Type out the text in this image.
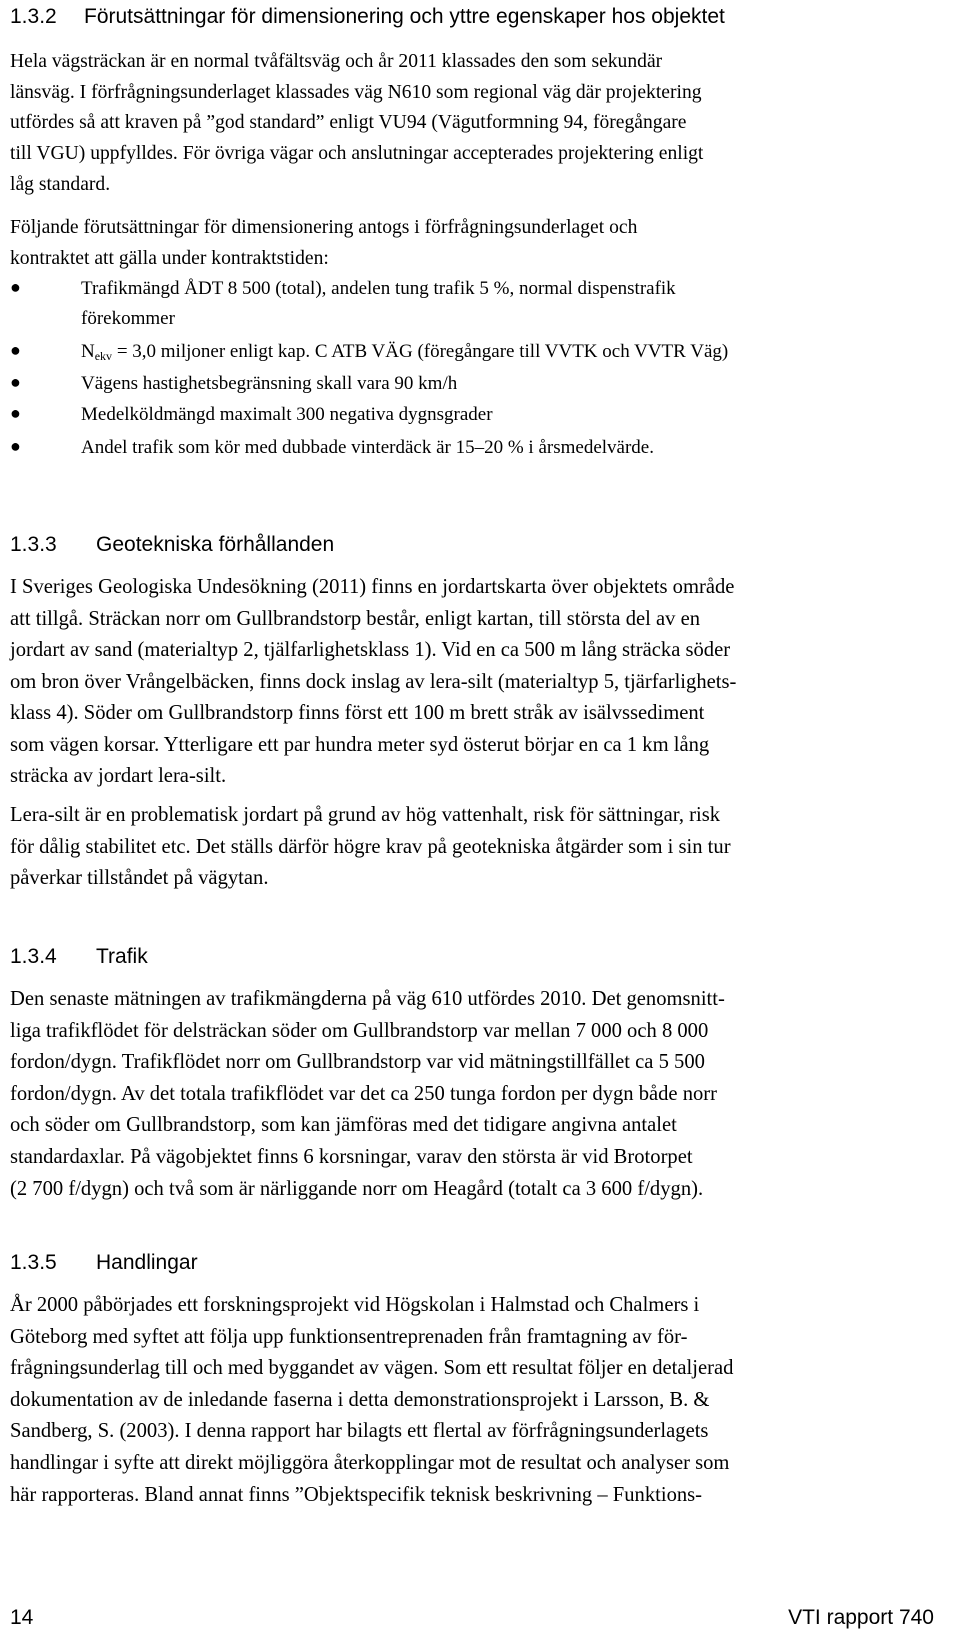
1.3.2 Förutsättningar för dimensionering och yttre egenskaper hos objektet
Hela vägsträckan är en normal tvåfältsväg och år 2011 klassades den som sekundär
länsväg. I förfrågningsunderlaget klassades väg N610 som regional väg där projektering
utfördes så att kraven på ”god standard” enligt VU94 (Vägutformning 94, föregångare
till VGU) uppfylldes. För övriga vägar och anslutningar accepterades projektering enligt
låg standard.
Följande förutsättningar för dimensionering antogs i förfrågningsunderlaget och
kontraktet att gälla under kontraktstiden:
●	Trafikmängd ÅDT 8 500 (total), andelen tung trafik 5 %, normal dispenstrafik
förekommer
●	$N_{ekv} = 3,0$ miljoner enligt kap. C ATB VÄG (föregångare till VVTK och VVTR Väg)
●	Vägens hastighetsbegränsning skall vara 90 km/h
●	Medelköldmängd maximalt 300 negativa dygnsgrader
●	Andel trafik som kör med dubbade vinterdäck är 15–20 % i årsmedelvärde.
1.3.3 Geotekniska förhållanden
I Sveriges Geologiska Undesökning (2011) finns en jordartskarta över objektets område
att tillgå. Sträckan norr om Gullbrandstorp består, enligt kartan, till största del av en
jordart av sand (materialtyp 2, tjälfarlighetsklass 1). Vid en ca 500 m lång sträcka söder
om bron över Vrångelbäcken, finns dock inslag av lera-silt (materialtyp 5, tjärfarlighets-
klass 4). Söder om Gullbrandstorp finns först ett 100 m brett stråk av isälvssediment
som vägen korsar. Ytterligare ett par hundra meter syd österut börjar en ca 1 km lång
sträcka av jordart lera-silt.
Lera-silt är en problematisk jordart på grund av hög vattenhalt, risk för sättningar, risk
för dålig stabilitet etc. Det ställs därför högre krav på geotekniska åtgärder som i sin tur
påverkar tillståndet på vägytan.
1.3.4 Trafik
Den senaste mätningen av trafikmängderna på väg 610 utfördes 2010. Det genomsnitt-
liga trafikflödet för delsträckan söder om Gullbrandstorp var mellan 7 000 och 8 000
fordon/dygn. Trafikflödet norr om Gullbrandstorp var vid mätningstillfället ca 5 500
fordon/dygn. Av det totala trafikflödet var det ca 250 tunga fordon per dygn både norr
och söder om Gullbrandstorp, som kan jämföras med det tidigare angivna antalet
standardaxlar. På vägobjektet finns 6 korsningar, varav den största är vid Brotorpet
(2 700 f/dygn) och två som är närliggande norr om Heagård (totalt ca 3 600 f/dygn).
1.3.5 Handlingar
År 2000 påbörjades ett forskningsprojekt vid Högskolan i Halmstad och Chalmers i
Göteborg med syftet att följa upp funktionsentreprenaden från framtagning av för-
frågningsunderlag till och med byggandet av vägen. Som ett resultat följer en detaljerad
dokumentation av de inledande faserna i detta demonstrationsprojekt i Larsson, B. &
Sandberg, S. (2003). I denna rapport har bilagts ett flertal av förfrågningsunderlagets
handlingar i syfte att direkt möjliggöra återkopplingar mot de resultat och analyser som
här rapporteras. Bland annat finns ”Objektspecifik teknisk beskrivning – Funktions-
14	VTI rapport 740
